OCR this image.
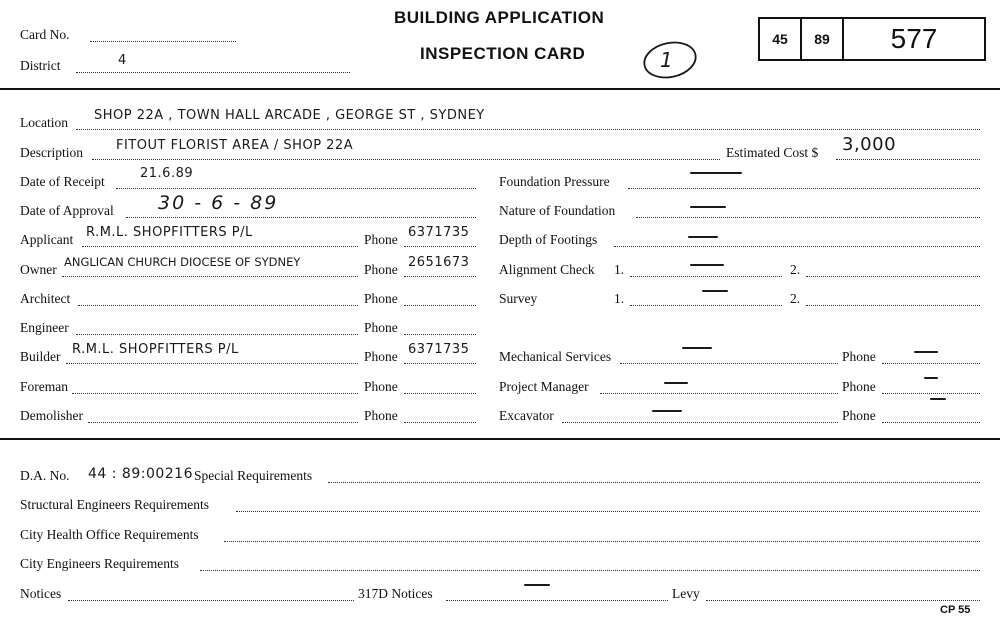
Card No.
District	4
BUILDING APPLICATION
INSPECTION CARD	1
45	89	577
Location SHOP 22A , TOWN HALL ARCADE , GEORGE ST , SYDNEY
Description	FITOUT FLORIST AREA / SHOP 22A	Estimated Cost $ 3,000
Date of Receipt
21.6.89
Date of Approval 30 - 6 - 89
Applicant R.M.L. SHOPFITTERS P/L	Phone 6371735
Owner ANGLICAN CHURCH DIOCESE OF SYDNEY	Phone 2651673
Architect	Phone
Engineer	Phone
Builder R.M.L. SHOPFITTERS P/L	Phone 6371735
Foreman	Phone
Demolisher	Phone
Foundation Pressure
Nature of Foundation
Depth of Footings
Alignment Check 1.	2.
Survey	1.	2.
Mechanical Services	Phone
Project Manager	Phone
Excavator	Phone
D.A. No. 44 : 89:00216 Special Requirements
Structural Engineers Requirements
City Health Office Requirements
City Engineers Requirements
Notices	317D Notices	Levy
CP 55
